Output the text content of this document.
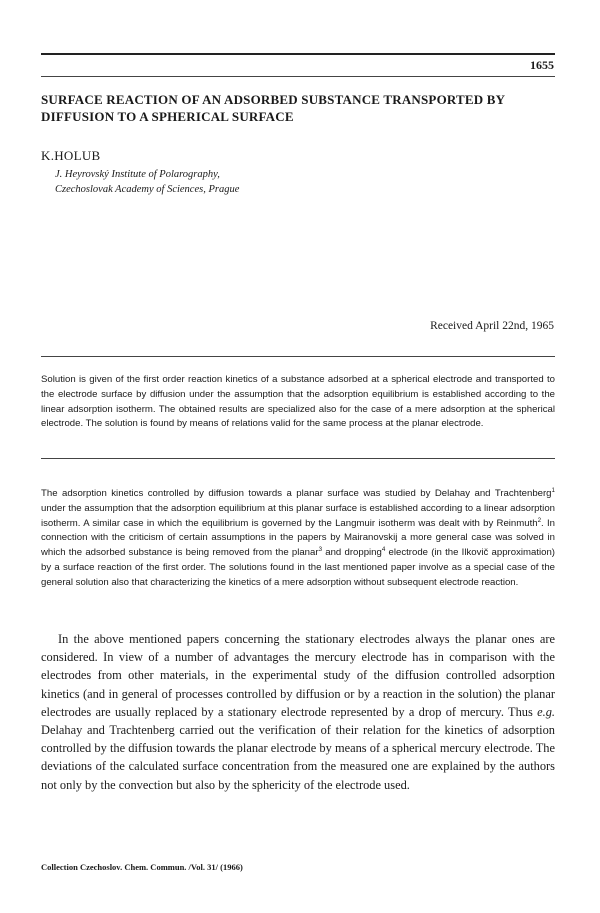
1655
SURFACE REACTION OF AN ADSORBED SUBSTANCE TRANSPORTED BY DIFFUSION TO A SPHERICAL SURFACE
K.HOLUB
J. Heyrovský Institute of Polarography,
Czechoslovak Academy of Sciences, Prague
Received April 22nd, 1965
Solution is given of the first order reaction kinetics of a substance adsorbed at a spherical electrode and transported to the electrode surface by diffusion under the assumption that the adsorption equilibrium is established according to the linear adsorption isotherm. The obtained results are specialized also for the case of a mere adsorption at the spherical electrode. The solution is found by means of relations valid for the same process at the planar electrode.
The adsorption kinetics controlled by diffusion towards a planar surface was studied by Delahay and Trachtenberg$^1$ under the assumption that the adsorption equilibrium at this planar surface is established according to a linear adsorption isotherm. A similar case in which the equilibrium is governed by the Langmuir isotherm was dealt with by Reinmuth$^2$. In connection with the criticism of certain assumptions in the papers by Mairanovskij a more general case was solved in which the adsorbed substance is being removed from the planar$^3$ and dropping$^4$ electrode (in the Ilkovič approximation) by a surface reaction of the first order. The solutions found in the last mentioned paper involve as a special case of the general solution also that characterizing the kinetics of a mere adsorption without subsequent electrode reaction.
In the above mentioned papers concerning the stationary electrodes always the planar ones are considered. In view of a number of advantages the mercury electrode has in comparison with the electrodes from other materials, in the experimental study of the diffusion controlled adsorption kinetics (and in general of processes controlled by diffusion or by a reaction in the solution) the planar electrodes are usually replaced by a stationary electrode represented by a drop of mercury. Thus e.g. Delahay and Trachtenberg carried out the verification of their relation for the kinetics of adsorption controlled by the diffusion towards the planar electrode by means of a spherical mercury electrode. The deviations of the calculated surface concentration from the measured one are explained by the authors not only by the convection but also by the sphericity of the electrode used.
Collection Czechoslov. Chem. Commun. /Vol. 31/ (1966)
